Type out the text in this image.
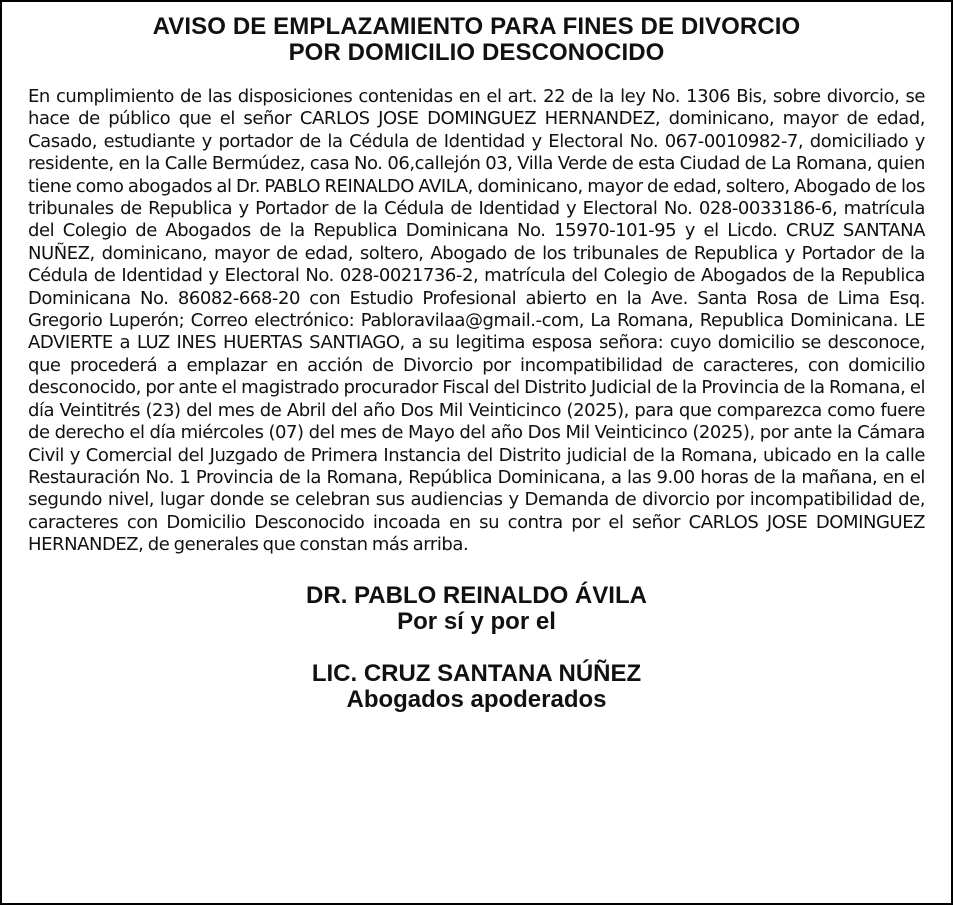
AVISO DE EMPLAZAMIENTO PARA FINES DE DIVORCIO
POR DOMICILIO DESCONOCIDO

En cumplimiento de las disposiciones contenidas en el art. 22 de la ley No. 1306 Bis, sobre divorcio, se hace de público que el señor CARLOS JOSE DOMINGUEZ HERNANDEZ, dominicano, mayor de edad, Casado, estudiante y portador de la Cédula de Identidad y Electoral No. 067-0010982-7, domiciliado y residente, en la Calle Bermúdez, casa No. 06,callejón 03, Villa Verde de esta Ciudad de La Romana, quien tiene como abogados al Dr. PABLO REINALDO AVILA, dominicano, mayor de edad, soltero, Abogado de los tribunales de Republica y Portador de la Cédula de Identidad y Electoral No. 028-0033186-6, matrícula del Colegio de Abogados de la Republica Dominicana No. 15970-101-95 y el Licdo. CRUZ SANTANA NUÑEZ, dominicano, mayor de edad, soltero, Abogado de los tribunales de Republica y Portador de la Cédula de Identidad y Electoral No. 028-0021736-2, matrícula del Colegio de Abogados de la Republica Dominicana No. 86082-668-20 con Estudio Profesional abierto en la Ave. Santa Rosa de Lima Esq. Gregorio Luperón; Correo electrónico: Pabloravilaa@gmail.-com, La Romana, Republica Dominicana. LE ADVIERTE a LUZ INES HUERTAS SANTIAGO, a su legitima esposa señora: cuyo domicilio se desconoce, que procederá a emplazar en acción de Divorcio por incompatibilidad de caracteres, con domicilio desconocido, por ante el magistrado procurador Fiscal del Distrito Judicial de la Provincia de la Romana, el día Veintitrés (23) del mes de Abril del año Dos Mil Veinticinco (2025), para que comparezca como fuere de derecho el día miércoles (07) del mes de Mayo del año Dos Mil Veinticinco (2025), por ante la Cámara Civil y Comercial del Juzgado de Primera Instancia del Distrito judicial de la Romana, ubicado en la calle Restauración No. 1 Provincia de la Romana, República Dominicana, a las 9.00 horas de la mañana, en el segundo nivel, lugar donde se celebran sus audiencias y Demanda de divorcio por incompatibilidad de, caracteres con Domicilio Desconocido incoada en su contra por el señor CARLOS JOSE DOMINGUEZ HERNANDEZ, de generales que constan más arriba.

DR. PABLO REINALDO ÁVILA
Por sí y por el
LIC. CRUZ SANTANA NÚÑEZ
Abogados apoderados
